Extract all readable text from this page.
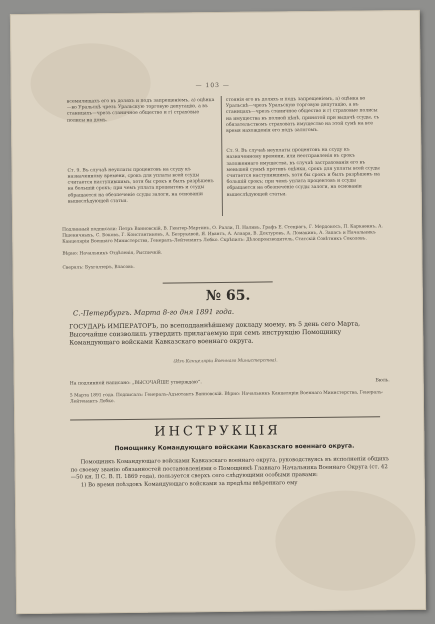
— 103 —
всемилищахъ его въ доляхъ и подъ запрещеніемъ, а) оцѣнка—во Уральскѣ чрезъ Уральскую торговую депутацію, а въ станицахъ—чрезъ станичное общество и г) страховые полисы на домъ.
Ст. 9. Въ случаѣ неуплаты процентовъ на ссуду къ назначенному времени, срокъ для уплаты всей ссуды считается наступившимъ, хотя бы срокъ и былъ разрѣшенъ на большій срокъ; при чемъ уплата процентовъ и ссуды обращается на обезпеченіе ссуды залоги, на основаніи вышеслѣдующей статьи.
стоянія его въ доляхъ и подъ запрещеніемъ, а) оцѣнка во Уральскѣ—чрезъ Уральскую торговую депутацію, а въ станицахъ—чрезъ станичное общество и г) страховые полисы на имущества въ полной цѣнѣ, принятой при выдачѣ ссуды, съ обязательствомъ страховать имущество на этой сумѣ на все время нахожденія его подъ залогомъ.
Ст. 9. Въ случаѣ неуплаты процентовъ на ссуду къ назначенному времени, или неотправленія въ срокъ заложеннаго имущества, въ случаѣ застрахованія его въ меньшей суммѣ противъ оцѣнки, срокъ для уплаты всей ссуды считается наступившимъ, хотя бы срокъ и былъ разрѣшенъ на большій срокъ; при чемъ уплата процентовъ и ссуды обращается на обезпеченіе ссуды залоги, на основаніи вышеслѣдующей статьи.
Подлинный подписали: Петръ Ванновскій, В. Гюнтер-Мартинъ, О. Ралли, П. Наливъ, Графъ Е. Стенрагъ, Г. Мердоносъ, П. Каркаѳинъ, А. Пшеничныхъ, С. Боковъ, Г. Константиновъ, А. Безрукавой, Я. Ивантъ, А. Алаара, В. Дохтуровъ, А. Ломакинъ, А. Запасъ и Начальникъ Канцеляріи Военнаго Министерства, Генералъ-Лейтенантъ Лобко. Скрѣпилъ: Дѣлопроизводитель, Статскій Совѣтникъ Соколовъ.
Вѣрно: Начальникъ Отдѣленія, Рыспичкій.
Сверялъ: Бухгалтеръ, Власовъ.
№ 65.
С.-Петербургъ. Марта 8-го дня 1891 года.
ГОСУДАРЬ ИМПЕРАТОРЪ, по всеподданнѣйшему докладу моему, въ 5 день сего Марта, Высочайше соизволилъ утвердить прилагаемую при семъ инструкцію Помощнику Командующаго войсками Кавказскаго военнаго округа.
(Изъ Канцеляріи Военнаго Министерства).
На подлинной написано: „ВЫСОЧАЙШЕ утверждаю“.	Бюль.
5 Марта 1891 года. Подписалъ: Генералъ-Адъютантъ Ванновскій. Вѣрно: Начальникъ Канцеляріи Военнаго Министерства, Генералъ-Лейтенантъ Лобко.
ИНСТРУКЦІЯ
Помощнику Командующаго войсками Кавказскаго военнаго округа.
Помощникъ Командующаго войсками Кавказскаго военнаго округа, руководствуясь въ исполненіи общихъ по своему званію обязанностей постановленіями о Помощникѣ Главнаго Начальника Военнаго Округа (ст. 42—50 кн. II С. В. П. 1869 года), пользуется сверхъ сего слѣдующими особыми правами:
1) Во время поѣздокъ Командующаго войсками за предѣлы ввѣреннаго ему
